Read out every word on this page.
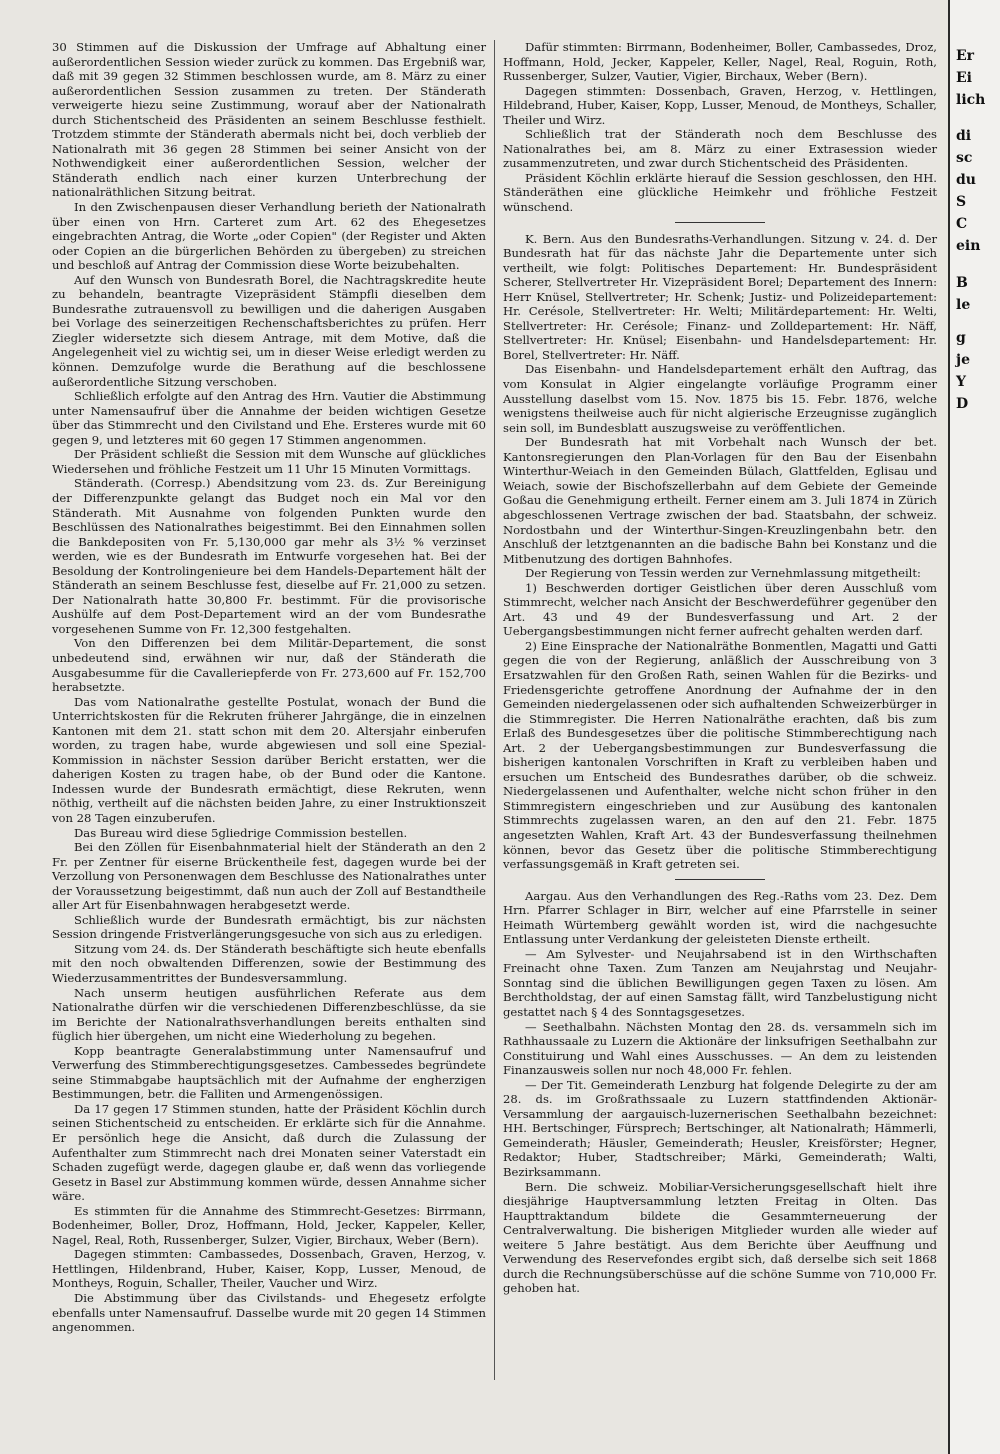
30 Stimmen auf die Diskussion der Umfrage auf Abhaltung einer außerordentlichen Session wieder zurück zu kommen. Das Ergebniß war, daß mit 39 gegen 32 Stimmen beschlossen wurde, am 8. März zu einer außerordentlichen Session zusammen zu treten. Der Ständerath verweigerte hiezu seine Zustimmung, worauf aber der Nationalrath durch Stichentscheid des Präsidenten an seinem Beschlusse festhielt. Trotzdem stimmte der Ständerath abermals nicht bei, doch verblieb der Nationalrath mit 36 gegen 28 Stimmen bei seiner Ansicht von der Nothwendigkeit einer außerordentlichen Session, welcher der Ständerath endlich nach einer kurzen Unterbrechung der nationalräthlichen Sitzung beitrat.

In den Zwischenpausen dieser Verhandlung berieth der Nationalrath über einen von Hrn. Carteret zum Art. 62 des Ehegesetzes eingebrachten Antrag, die Worte „oder Copien" (der Register und Akten oder Copien an die bürgerlichen Behörden zu übergeben) zu streichen und beschloß auf Antrag der Commission diese Worte beizubehalten.

Auf den Wunsch von Bundesrath Borel, die Nachtragskredite heute zu behandeln, beantragte Vizepräsident Stämpfli dieselben dem Bundesrathe zutrauensvoll zu bewilligen und die daherigen Ausgaben bei Vorlage des seinerzeitigen Rechenschaftsberichtes zu prüfen. Herr Ziegler widersetzte sich diesem Antrage, mit dem Motive, daß die Angelegenheit viel zu wichtig sei, um in dieser Weise erledigt werden zu können. Demzufolge wurde die Berathung auf die beschlossene außerordentliche Sitzung verschoben.

Schließlich erfolgte auf den Antrag des Hrn. Vautier die Abstimmung unter Namensaufruf über die Annahme der beiden wichtigen Gesetze über das Stimmrecht und den Civilstand und Ehe. Ersteres wurde mit 60 gegen 9, und letzteres mit 60 gegen 17 Stimmen angenommen.

Der Präsident schließt die Session mit dem Wunsche auf glückliches Wiedersehen und fröhliche Festzeit um 11 Uhr 15 Minuten Vormittags.

Ständerath. (Corresp.) Abendsitzung vom 23. ds. Zur Bereinigung der Differenzpunkte gelangt das Budget noch ein Mal vor den Ständerath. Mit Ausnahme von folgenden Punkten wurde den Beschlüssen des Nationalrathes beigestimmt. Bei den Einnahmen sollen die Bankdepositen von Fr. 5,130,000 gar mehr als 3½ % verzinset werden, wie es der Bundesrath im Entwurfe vorgesehen hat. Bei der Besoldung der Kontrolingenieure bei dem Handels-Departement hält der Ständerath an seinem Beschlusse fest, dieselbe auf Fr. 21,000 zu setzen. Der Nationalrath hatte 30,800 Fr. bestimmt. Für die provisorische Aushülfe auf dem Post-Departement wird an der vom Bundesrathe vorgesehenen Summe von Fr. 12,300 festgehalten.

Von den Differenzen bei dem Militär-Departement, die sonst unbedeutend sind, erwähnen wir nur, daß der Ständerath die Ausgabesumme für die Cavalleriepferde von Fr. 273,600 auf Fr. 152,700 herabsetzte.

Das vom Nationalrathe gestellte Postulat, wonach der Bund die Unterrichtskosten für die Rekruten früherer Jahrgänge, die in einzelnen Kantonen mit dem 21. statt schon mit dem 20. Altersjahr einberufen worden, zu tragen habe, wurde abgewiesen und soll eine Spezial-Kommission in nächster Session darüber Bericht erstatten, wer die daherigen Kosten zu tragen habe, ob der Bund oder die Kantone. Indessen wurde der Bundesrath ermächtigt, diese Rekruten, wenn nöthig, vertheilt auf die nächsten beiden Jahre, zu einer Instruktionszeit von 28 Tagen einzuberufen.

Das Bureau wird diese 5gliedrige Commission bestellen.

Bei den Zöllen für Eisenbahnmaterial hielt der Ständerath an den 2 Fr. per Zentner für eiserne Brückentheile fest, dagegen wurde bei der Verzollung von Personenwagen dem Beschlusse des Nationalrathes unter der Voraussetzung beigestimmt, daß nun auch der Zoll auf Bestandtheile aller Art für Eisenbahnwagen herabgesetzt werde.

Schließlich wurde der Bundesrath ermächtigt, bis zur nächsten Session dringende Fristverlängerungsgesuche von sich aus zu erledigen.

Sitzung vom 24. ds. Der Ständerath beschäftigte sich heute ebenfalls mit den noch obwaltenden Differenzen, sowie der Bestimmung des Wiederzusammentrittes der Bundesversammlung.

Nach unserm heutigen ausführlichen Referate aus dem Nationalrathe dürfen wir die verschiedenen Differenzbeschlüsse, da sie im Berichte der Nationalrathsverhandlungen bereits enthalten sind füglich hier übergehen, um nicht eine Wiederholung zu begehen.

Kopp beantragte Generalabstimmung unter Namensaufruf und Verwerfung des Stimmberechtigungsgesetzes. Cambessedes begründete seine Stimmabgabe hauptsächlich mit der Aufnahme der engherzigen Bestimmungen, betr. die Falliten und Armengenössigen.

Da 17 gegen 17 Stimmen stunden, hatte der Präsident Köchlin durch seinen Stichentscheid zu entscheiden. Er erklärte sich für die Annahme. Er persönlich hege die Ansicht, daß durch die Zulassung der Aufenthalter zum Stimmrecht nach drei Monaten seiner Vaterstadt ein Schaden zugefügt werde, dagegen glaube er, daß wenn das vorliegende Gesetz in Basel zur Abstimmung kommen würde, dessen Annahme sicher wäre.

Es stimmten für die Annahme des Stimmrecht-Gesetzes: Birrmann, Bodenheimer, Boller, Droz, Hoffmann, Hold, Jecker, Kappeler, Keller, Nagel, Real, Roth, Russenberger, Sulzer, Vigier, Birchaux, Weber (Bern).

Dagegen stimmten: Cambassedes, Dossenbach, Graven, Herzog, v. Hettlingen, Hildenbrand, Huber, Kaiser, Kopp, Lusser, Menoud, de Montheys, Roguin, Schaller, Theiler, Vaucher und Wirz.

Die Abstimmung über das Civilstands- und Ehegesetz erfolgte ebenfalls unter Namensaufruf. Dasselbe wurde mit 20 gegen 14 Stimmen angenommen.

Dafür stimmten: Birrmann, Bodenheimer, Boller, Cambassedes, Droz, Hoffmann, Hold, Jecker, Kappeler, Keller, Nagel, Real, Roguin, Roth, Russenberger, Sulzer, Vautier, Vigier, Birchaux, Weber (Bern).

Dagegen stimmten: Dossenbach, Graven, Herzog, v. Hettlingen, Hildebrand, Huber, Kaiser, Kopp, Lusser, Menoud, de Montheys, Schaller, Theiler und Wirz.

Schließlich trat der Ständerath noch dem Beschlusse des Nationalrathes bei, am 8. März zu einer Extrasession wieder zusammenzutreten, und zwar durch Stichentscheid des Präsidenten.

Präsident Köchlin erklärte hierauf die Session geschlossen, den HH. Ständeräthen eine glückliche Heimkehr und fröhliche Festzeit wünschend.

K. Bern. Aus den Bundesraths-Verhandlungen. Sitzung v. 24. d. Der Bundesrath hat für das nächste Jahr die Departemente unter sich vertheilt, wie folgt: Politisches Departement: Hr. Bundespräsident Scherer, Stellvertreter Hr. Vizepräsident Borel; Departement des Innern: Herr Knüsel, Stellvertreter; Hr. Schenk; Justiz- und Polizeidepartement: Hr. Cerésole, Stellvertreter: Hr. Welti; Militärdepartement: Hr. Welti, Stellvertreter: Hr. Cerésole; Finanz- und Zolldepartement: Hr. Näff, Stellvertreter: Hr. Knüsel; Eisenbahn- und Handelsdepartement: Hr. Borel, Stellvertreter: Hr. Näff.

Das Eisenbahn- und Handelsdepartement erhält den Auftrag, das vom Konsulat in Algier eingelangte vorläufige Programm einer Ausstellung daselbst vom 15. Nov. 1875 bis 15. Febr. 1876, welche wenigstens theilweise auch für nicht algierische Erzeugnisse zugänglich sein soll, im Bundesblatt auszugsweise zu veröffentlichen.

Der Bundesrath hat mit Vorbehalt nach Wunsch der bet. Kantonsregierungen den Plan-Vorlagen für den Bau der Eisenbahn Winterthur-Weiach in den Gemeinden Bülach, Glattfelden, Eglisau und Weiach, sowie der Bischofszellerbahn auf dem Gebiete der Gemeinde Goßau die Genehmigung ertheilt. Ferner einem am 3. Juli 1874 in Zürich abgeschlossenen Vertrage zwischen der bad. Staatsbahn, der schweiz. Nordostbahn und der Winterthur-Singen-Kreuzlingenbahn betr. den Anschluß der letztgenannten an die badische Bahn bei Konstanz und die Mitbenutzung des dortigen Bahnhofes.

Der Regierung von Tessin werden zur Vernehmlassung mitgetheilt:

1) Beschwerden dortiger Geistlichen über deren Ausschluß vom Stimmrecht, welcher nach Ansicht der Beschwerdeführer gegenüber den Art. 43 und 49 der Bundesverfassung und Art. 2 der Uebergangsbestimmungen nicht ferner aufrecht gehalten werden darf.

2) Eine Einsprache der Nationalräthe Bonmentlen, Magatti und Gatti gegen die von der Regierung, anläßlich der Ausschreibung von 3 Ersatzwahlen für den Großen Rath, seinen Wahlen für die Bezirks- und Friedensgerichte getroffene Anordnung der Aufnahme der in den Gemeinden niedergelassenen oder sich aufhaltenden Schweizerbürger in die Stimmregister. Die Herren Nationalräthe erachten, daß bis zum Erlaß des Bundesgesetzes über die politische Stimmberechtigung nach Art. 2 der Uebergangsbestimmungen zur Bundesverfassung die bisherigen kantonalen Vorschriften in Kraft zu verbleiben haben und ersuchen um Entscheid des Bundesrathes darüber, ob die schweiz. Niedergelassenen und Aufenthalter, welche nicht schon früher in den Stimmregistern eingeschrieben und zur Ausübung des kantonalen Stimmrechts zugelassen waren, an den auf den 21. Febr. 1875 angesetzten Wahlen, Kraft Art. 43 der Bundesverfassung theilnehmen können, bevor das Gesetz über die politische Stimmberechtigung verfassungsgemäß in Kraft getreten sei.

Aargau. Aus den Verhandlungen des Reg.-Raths vom 23. Dez. Dem Hrn. Pfarrer Schlager in Birr, welcher auf eine Pfarrstelle in seiner Heimath Würtemberg gewählt worden ist, wird die nachgesuchte Entlassung unter Verdankung der geleisteten Dienste ertheilt.

— Am Sylvester- und Neujahrsabend ist in den Wirthschaften Freinacht ohne Taxen. Zum Tanzen am Neujahrstag und Neujahr-Sonntag sind die üblichen Bewilligungen gegen Taxen zu lösen. Am Berchtholdstag, der auf einen Samstag fällt, wird Tanzbelustigung nicht gestattet nach § 4 des Sonntagsgesetzes.

— Seethalbahn. Nächsten Montag den 28. ds. versammeln sich im Rathhaussaale zu Luzern die Aktionäre der linksufrigen Seethalbahn zur Constituirung und Wahl eines Ausschusses. — An dem zu leistenden Finanzausweis sollen nur noch 48,000 Fr. fehlen.

— Der Tit. Gemeinderath Lenzburg hat folgende Delegirte zu der am 28. ds. im Großrathssaale zu Luzern stattfindenden Aktionär-Versammlung der aargauisch-luzernerischen Seethalbahn bezeichnet: HH. Bertschinger, Fürsprech; Bertschinger, alt Nationalrath; Hämmerli, Gemeinderath; Häusler, Gemeinderath; Heusler, Kreisförster; Hegner, Redaktor; Huber, Stadtschreiber; Märki, Gemeinderath; Walti, Bezirksammann.

Bern. Die schweiz. Mobiliar-Versicherungsgesellschaft hielt ihre diesjährige Hauptversammlung letzten Freitag in Olten. Das Haupttraktandum bildete die Gesammterneuerung der Centralverwaltung. Die bisherigen Mitglieder wurden alle wieder auf weitere 5 Jahre bestätigt. Aus dem Berichte über Aeuffnung und Verwendung des Reservefondes ergibt sich, daß derselbe sich seit 1868 durch die Rechnungsüberschüsse auf die schöne Summe von 710,000 Fr. gehoben hat.

Er
Ei
lich
di
sc
du
S
C
ein
B
le
g
je
Y
D
